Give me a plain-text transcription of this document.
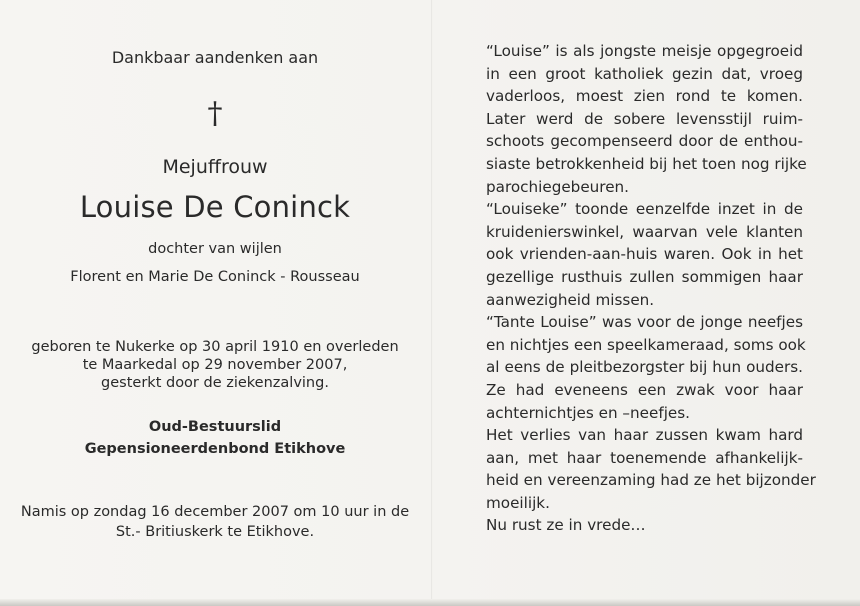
Dankbaar aandenken aan
†
Mejuffrouw
Louise De Coninck
dochter van wijlen
Florent en Marie De Coninck - Rousseau
geboren te Nukerke op 30 april 1910 en overleden
te Maarkedal op 29 november 2007,
gesterkt door de ziekenzalving.
Oud-Bestuurslid
Gepensioneerdenbond Etikhove
Namis op zondag 16 december 2007 om 10 uur in de
St.- Britiuskerk te Etikhove.
“Louise” is als jongste meisje opgegroeid
in een groot katholiek gezin dat, vroeg
vaderloos, moest zien rond te komen.
Later werd de sobere levensstijl ruim-
schoots gecompenseerd door de enthou-
siaste betrokkenheid bij het toen nog rijke
parochiegebeuren.
“Louiseke” toonde eenzelfde inzet in de
kruidenierswinkel, waarvan vele klanten
ook vrienden-aan-huis waren. Ook in het
gezellige rusthuis zullen sommigen haar
aanwezigheid missen.
“Tante Louise” was voor de jonge neefjes
en nichtjes een speelkameraad, soms ook
al eens de pleitbezorgster bij hun ouders.
Ze had eveneens een zwak voor haar
achternichtjes en –neefjes.
Het verlies van haar zussen kwam hard
aan, met haar toenemende afhankelijk-
heid en vereenzaming had ze het bijzonder
moeilijk.
Nu rust ze in vrede…
